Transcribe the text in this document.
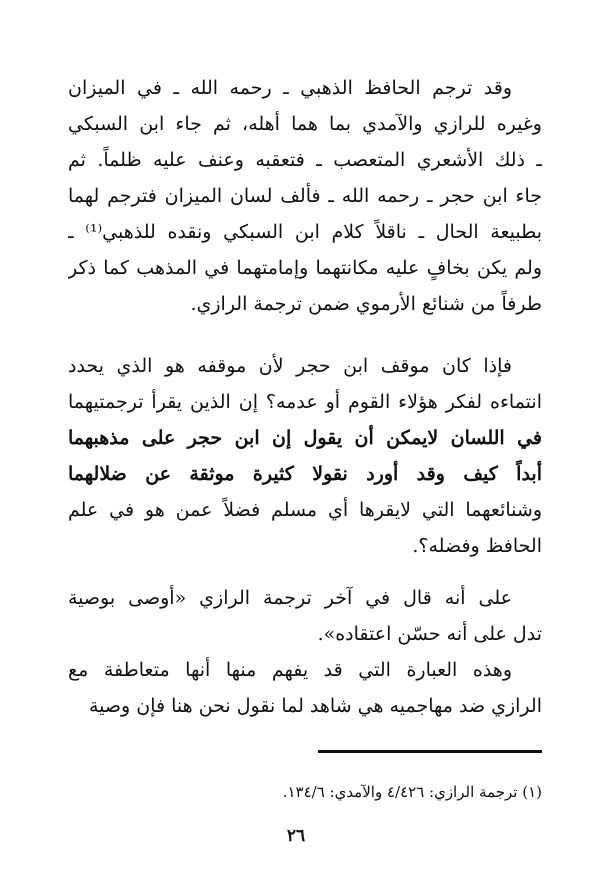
وقد ترجم الحافظ الذهبي ـ رحمه الله ـ في الميزان
وغيره للرازي والآمدي بما هما أهله، ثم جاء ابن السبكي
ـ ذلك الأشعري المتعصب ـ فتعقبه وعنف عليه ظلماً. ثم
جاء ابن حجر ـ رحمه الله ـ فألف لسان الميزان فترجم لهما
بطبيعة الحال ـ ناقلاً كلام ابن السبكي ونقده للذهبي⁽¹⁾ ـ
ولم يكن بخافٍ عليه مكانتهما وإمامتهما في المذهب كما ذكر
طرفاً من شنائع الأرموي ضمن ترجمة الرازي.
فإذا كان موقف ابن حجر لأن موقفه هو الذي يحدد
انتماءه لفكر هؤلاء القوم أو عدمه؟ إن الذين يقرأ ترجمتيهما
في اللسان لايمكن أن يقول إن ابن حجر على مذهبهما
أبداً كيف وقد أورد نقولا كثيرة موثقة عن ضلالهما
وشنائعهما التي لايقرها أي مسلم فضلاً عمن هو في علم
الحافظ وفضله؟.
على أنه قال في آخر ترجمة الرازي «أوصى بوصية
تدل على أنه حسّن اعتقاده».
وهذه العبارة التي قد يفهم منها أنها متعاطفة مع
الرازي ضد مهاجميه هي شاهد لما نقول نحن هنا فإن وصية
(١) ترجمة الرازي: ٤/٤٢٦ والآمدي: ١٣٤/٦.
٢٦
